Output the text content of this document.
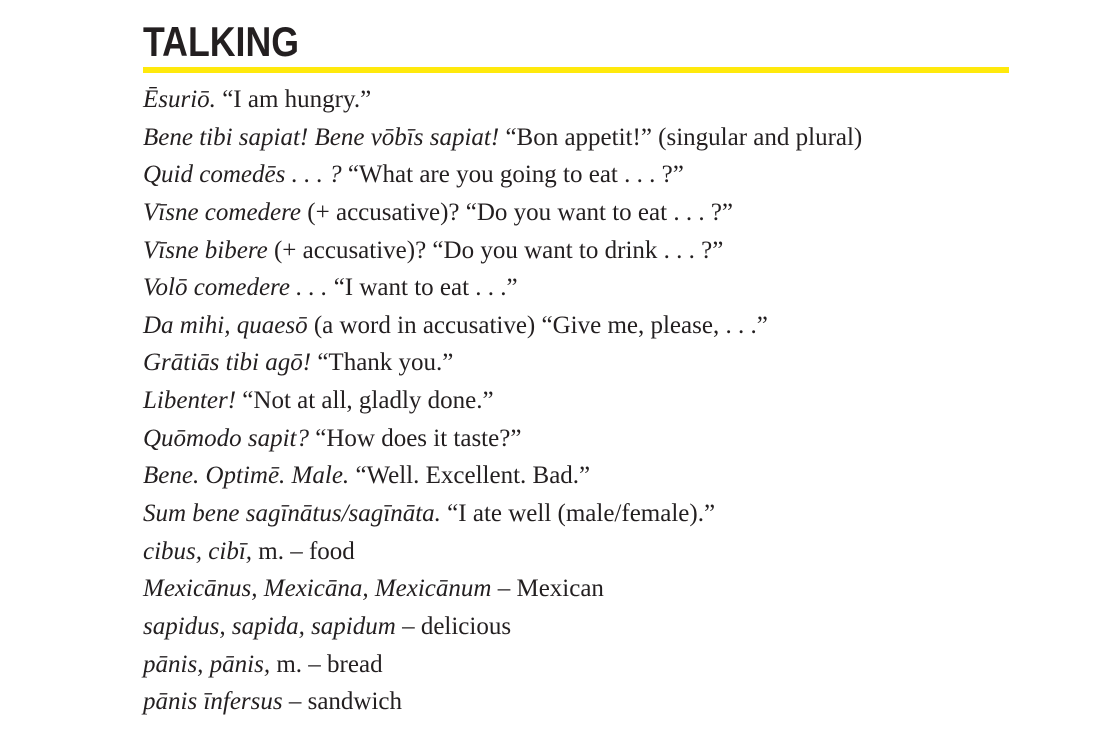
TALKING

Ēsuriō. “I am hungry.”

Bene tibi sapiat! Bene vōbīs sapiat! “Bon appetit!” (singular and plural)

Quid comedēs . . . ? “What are you going to eat . . . ?”

Vīsne comedere (+ accusative)? “Do you want to eat . . . ?”

Vīsne bibere (+ accusative)? “Do you want to drink . . . ?”

Volō comedere . . . “I want to eat . . .”

Da mihi, quaesō (a word in accusative) “Give me, please, . . .”

Grātiās tibi agō! “Thank you.”

Libenter! “Not at all, gladly done.”

Quōmodo sapit? “How does it taste?”

Bene. Optimē. Male. “Well. Excellent. Bad.”

Sum bene sagīnātus/sagīnāta. “I ate well (male/female).”

cibus, cibī, m. – food

Mexicānus, Mexicāna, Mexicānum – Mexican

sapidus, sapida, sapidum – delicious

pānis, pānis, m. – bread

pānis īnfersus – sandwich
